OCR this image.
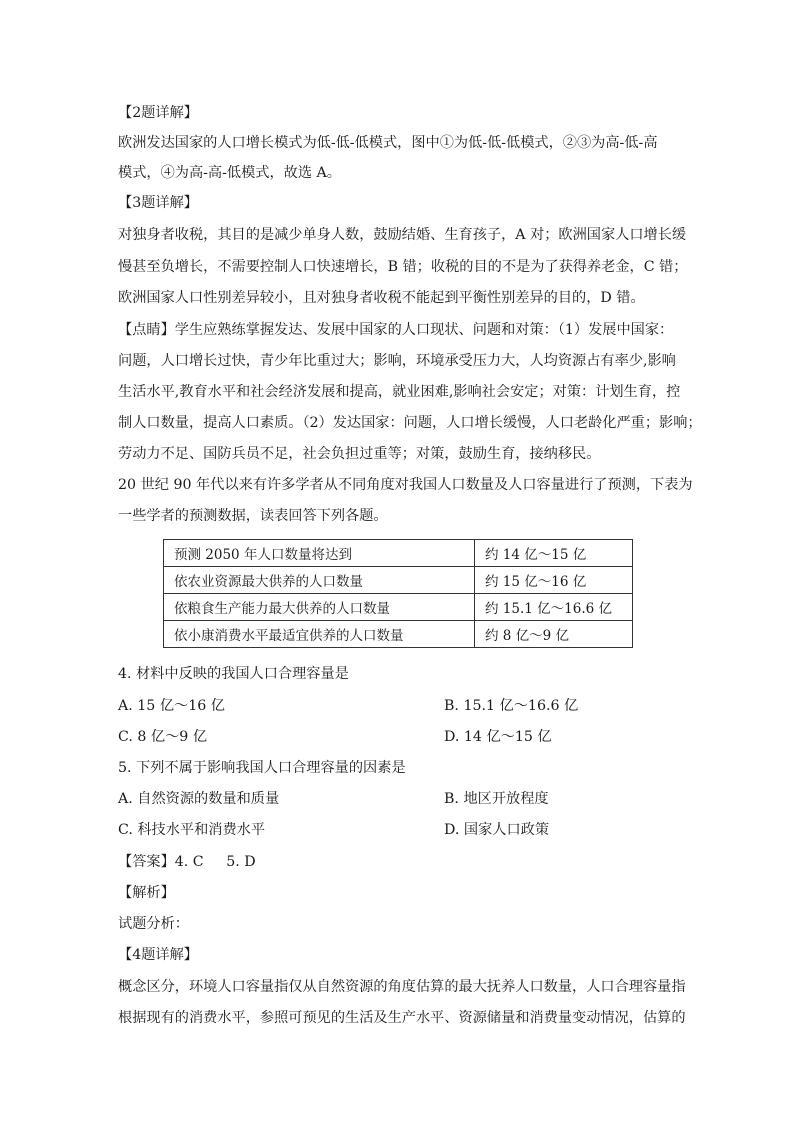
【2题详解】
欧洲发达国家的人口增长模式为低-低-低模式，图中①为低-低-低模式，②③为高-低-高
模式，④为高-高-低模式，故选 A。
【3题详解】
对独身者收税，其目的是减少单身人数，鼓励结婚、生育孩子，A 对；欧洲国家人口增长缓
慢甚至负增长，不需要控制人口快速增长，B 错；收税的目的不是为了获得养老金，C 错；
欧洲国家人口性别差异较小，且对独身者收税不能起到平衡性别差异的目的，D 错。
【点睛】学生应熟练掌握发达、发展中国家的人口现状、问题和对策：（1）发展中国家：
问题，人口增长过快，青少年比重过大；影响，环境承受压力大，人均资源占有率少,影响
生活水平,教育水平和社会经济发展和提高，就业困难,影响社会安定；对策：计划生育，控
制人口数量，提高人口素质。（2）发达国家：问题，人口增长缓慢，人口老龄化严重；影响；
劳动力不足、国防兵员不足，社会负担过重等；对策，鼓励生育，接纳移民。
20 世纪 90 年代以来有许多学者从不同角度对我国人口数量及人口容量进行了预测，下表为
一些学者的预测数据，读表回答下列各题。
预测 2050 年人口数量将达到	约 14 亿～15 亿
依农业资源最大供养的人口数量	约 15 亿～16 亿
依粮食生产能力最大供养的人口数量	约 15.1 亿～16.6 亿
依小康消费水平最适宜供养的人口数量	约 8 亿～9 亿
4. 材料中反映的我国人口合理容量是
A. 15 亿～16 亿	B. 15.1 亿～16.6 亿
C. 8 亿～9 亿	D. 14 亿～15 亿
5. 下列不属于影响我国人口合理容量的因素是
A. 自然资源的数量和质量	B. 地区开放程度
C. 科技水平和消费水平	D. 国家人口政策
【答案】4. C     5. D
【解析】
试题分析：
【4题详解】
概念区分，环境人口容量指仅从自然资源的角度估算的最大抚养人口数量，人口合理容量指
根据现有的消费水平，参照可预见的生活及生产水平、资源储量和消费量变动情况，估算的
